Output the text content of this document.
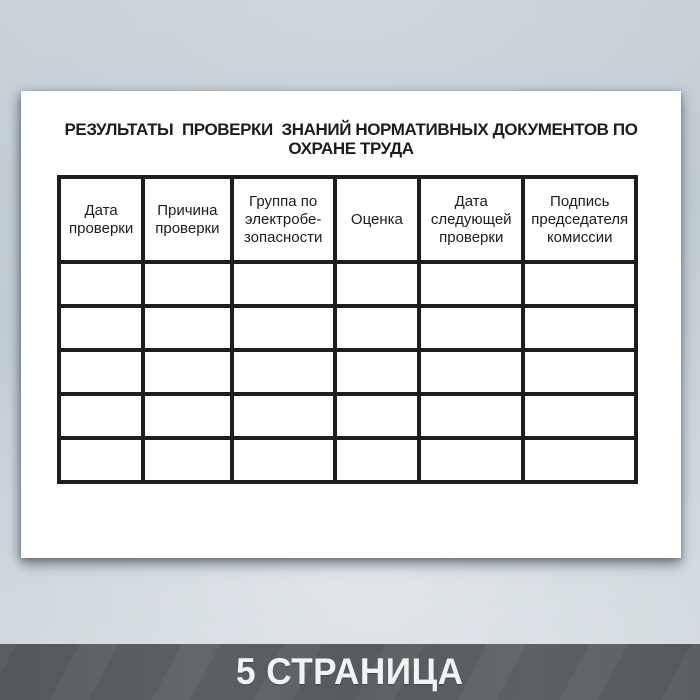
РЕЗУЛЬТАТЫ  ПРОВЕРКИ  ЗНАНИЙ НОРМАТИВНЫХ ДОКУМЕНТОВ ПО
ОХРАНЕ ТРУДА
Дата проверки	Причина проверки	Группа по электробе-зопасности	Оценка	Дата следующей проверки	Подпись председателя комиссии

5 СТРАНИЦА
